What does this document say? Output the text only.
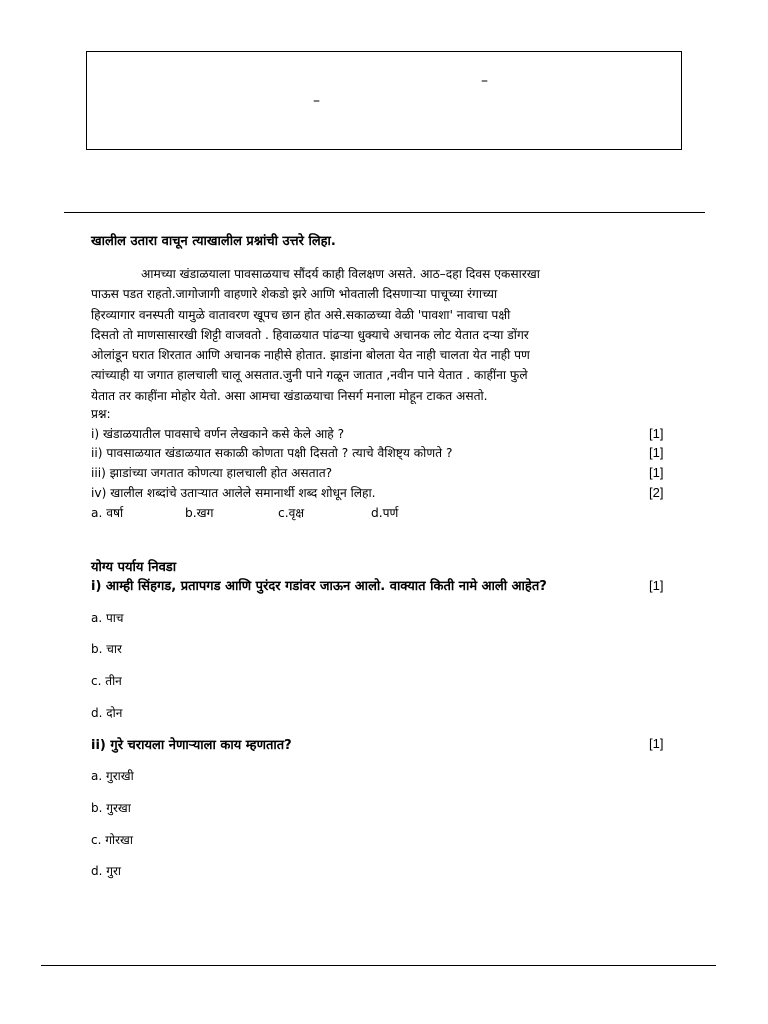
–
–
खालील उतारा वाचून त्याखालील प्रश्नांची उत्तरे लिहा.
आमच्या खंडाळयाला पावसाळयाच सौंदर्य काही विलक्षण असते. आठ–दहा दिवस एकसारखा
पाऊस पडत राहतो.जागोजागी वाहणारे शेकडो झरे आणि भोवताली दिसणाऱ्या पाचूच्या रंगाच्या
हिरव्यागार वनस्पती यामुळे वातावरण खूपच छान होत असे.सकाळच्या वेळी 'पावशा' नावाचा पक्षी
दिसतो तो माणसासारखी शिट्टी वाजवतो . हिवाळयात पांढऱ्या धुक्याचे अचानक लोट येतात दऱ्या डोंगर
ओलांडून घरात शिरतात आणि अचानक नाहीसे होतात. झाडांना बोलता येत नाही चालता येत नाही पण
त्यांच्याही या जगात हालचाली चालू असतात.जुनी पाने गळून जातात ,नवीन पाने येतात . काहींना फुले
येतात तर काहींना मोहोर येतो. असा आमचा खंडाळयाचा निसर्ग मनाला मोहून टाकत असतो.
प्रश्न:
i) खंडाळयातील पावसाचे वर्णन लेखकाने कसे केले आहे ?	[1]
ii) पावसाळयात खंडाळयात सकाळी कोणता पक्षी दिसतो ? त्याचे वैशिष्ट्य कोणते ?	[1]
iii) झाडांच्या जगतात कोणत्या हालचाली होत असतात?	[1]
iv) खालील शब्दांचे उताऱ्यात आलेले समानार्थी शब्द शोधून लिहा.	[2]
a. वर्षा	b.खग	c.वृक्ष	d.पर्ण
योग्य पर्याय निवडा
i) आम्ही सिंहगड, प्रतापगड आणि पुरंदर गडांवर जाऊन आलो. वाक्यात किती नामे आली आहेत?	[1]
a. पाच
b. चार
c. तीन
d. दोन
ii) गुरे चरायला नेणाऱ्याला काय म्हणतात?	[1]
a. गुराखी
b. गुरखा
c. गोरखा
d. गुरा
